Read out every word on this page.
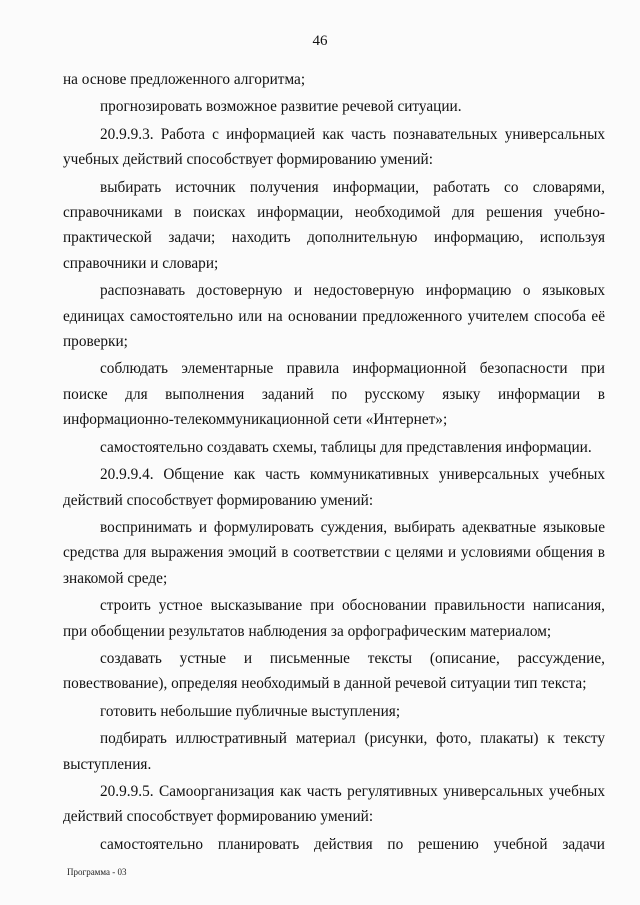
46

на основе предложенного алгоритма;

прогнозировать возможное развитие речевой ситуации.

20.9.9.3. Работа с информацией как часть познавательных универсальных учебных действий способствует формированию умений:

выбирать источник получения информации, работать со словарями, справочниками в поисках информации, необходимой для решения учебно-практической задачи; находить дополнительную информацию, используя справочники и словари;

распознавать достоверную и недостоверную информацию о языковых единицах самостоятельно или на основании предложенного учителем способа её проверки;

соблюдать элементарные правила информационной безопасности при поиске для выполнения заданий по русскому языку информации в информационно-телекоммуникационной сети «Интернет»;

самостоятельно создавать схемы, таблицы для представления информации.

20.9.9.4. Общение как часть коммуникативных универсальных учебных действий способствует формированию умений:

воспринимать и формулировать суждения, выбирать адекватные языковые средства для выражения эмоций в соответствии с целями и условиями общения в знакомой среде;

строить устное высказывание при обосновании правильности написания, при обобщении результатов наблюдения за орфографическим материалом;

создавать устные и письменные тексты (описание, рассуждение, повествование), определяя необходимый в данной речевой ситуации тип текста;

готовить небольшие публичные выступления;

подбирать иллюстративный материал (рисунки, фото, плакаты) к тексту выступления.

20.9.9.5. Самоорганизация как часть регулятивных универсальных учебных действий способствует формированию умений:

самостоятельно планировать действия по решению учебной задачи

Программа - 03
